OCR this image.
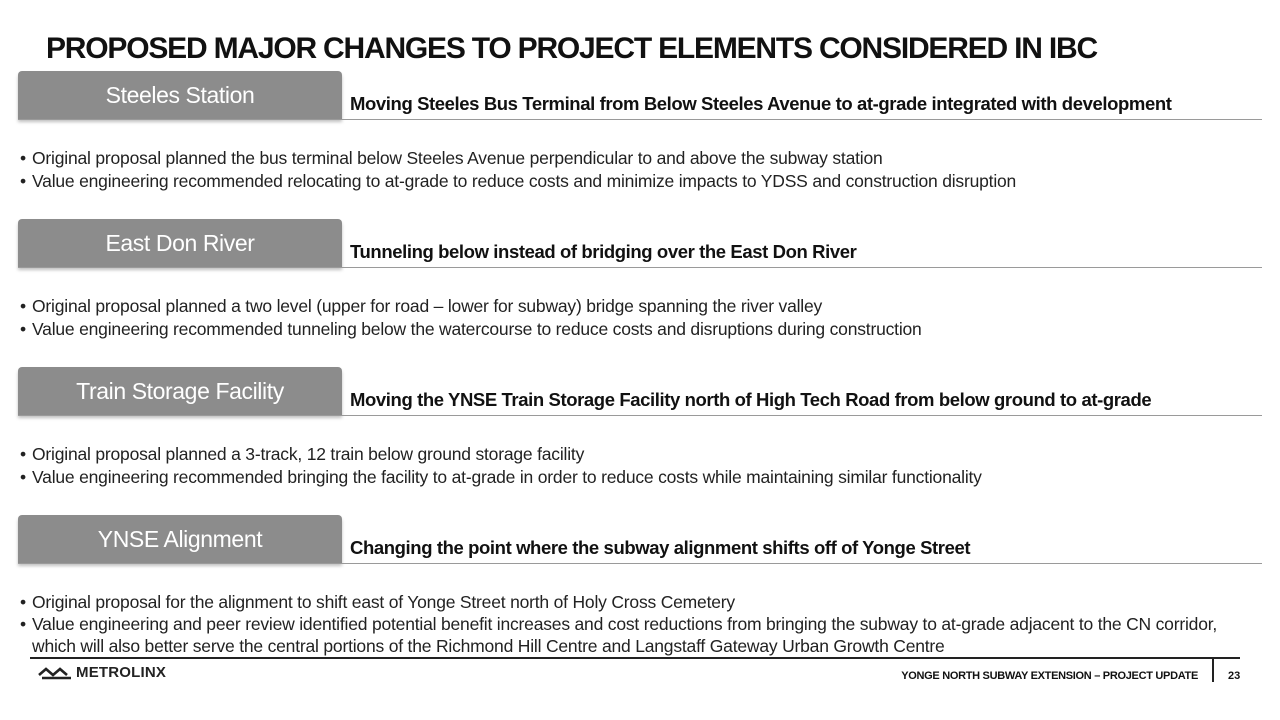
PROPOSED MAJOR CHANGES TO PROJECT ELEMENTS CONSIDERED IN IBC
Steeles Station	Moving Steeles Bus Terminal from Below Steeles Avenue to at-grade integrated with development
• Original proposal planned the bus terminal below Steeles Avenue perpendicular to and above the subway station
• Value engineering recommended relocating to at-grade to reduce costs and minimize impacts to YDSS and construction disruption
East Don River	Tunneling below instead of bridging over the East Don River
• Original proposal planned a two level (upper for road – lower for subway) bridge spanning the river valley
• Value engineering recommended tunneling below the watercourse to reduce costs and disruptions during construction
Train Storage Facility	Moving the YNSE Train Storage Facility north of High Tech Road from below ground to at-grade
• Original proposal planned a 3-track, 12 train below ground storage facility
• Value engineering recommended bringing the facility to at-grade in order to reduce costs while maintaining similar functionality
YNSE Alignment	Changing the point where the subway alignment shifts off of Yonge Street
• Original proposal for the alignment to shift east of Yonge Street north of Holy Cross Cemetery
• Value engineering and peer review identified potential benefit increases and cost reductions from bringing the subway to at-grade adjacent to the CN corridor, which will also better serve the central portions of the Richmond Hill Centre and Langstaff Gateway Urban Growth Centre
METROLINX	YONGE NORTH SUBWAY EXTENSION – PROJECT UPDATE	23
